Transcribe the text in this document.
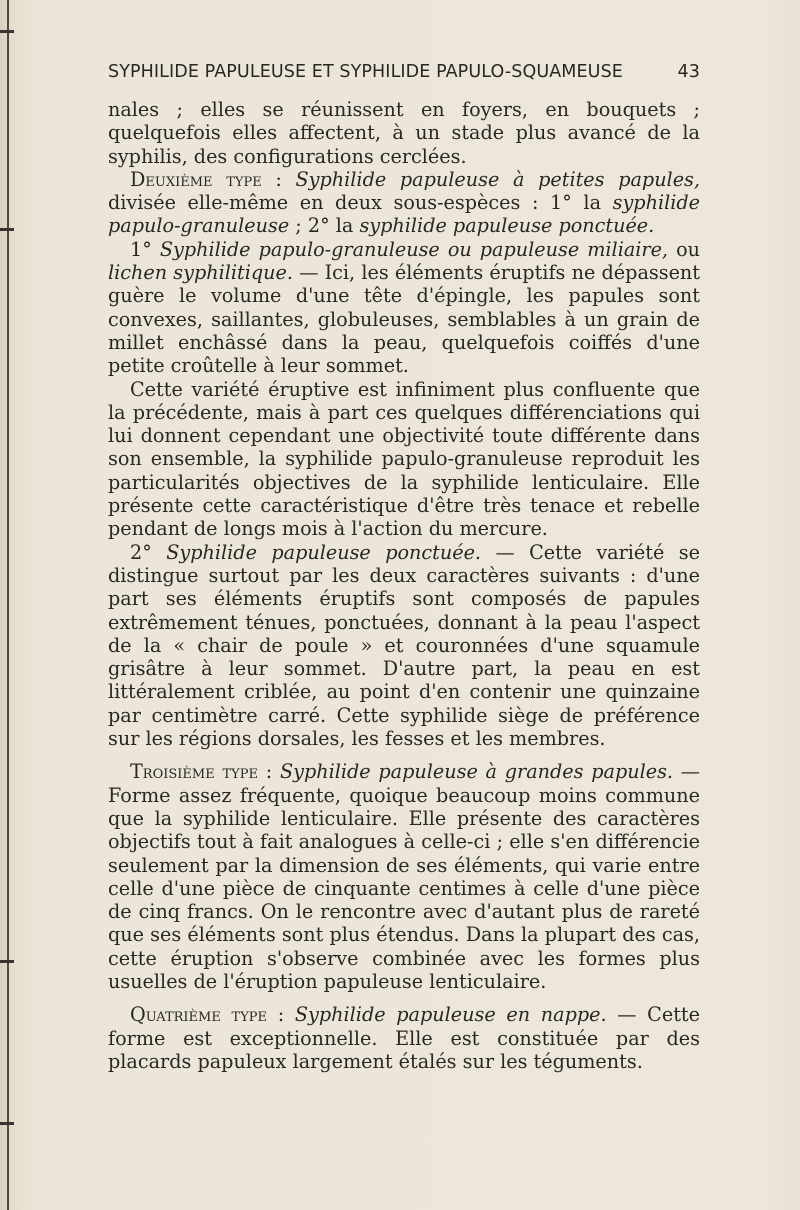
SYPHILIDE PAPULEUSE ET SYPHILIDE PAPULO-SQUAMEUSE	43

nales ; elles se réunissent en foyers, en bouquets ; quelquefois elles affectent, à un stade plus avancé de la syphilis, des configurations cerclées.

Deuxième type : Syphilide papuleuse à petites papules, divisée elle-même en deux sous-espèces : 1° la syphilide papulo-granuleuse ; 2° la syphilide papuleuse ponctuée.

1° Syphilide papulo-granuleuse ou papuleuse miliaire, ou lichen syphilitique. — Ici, les éléments éruptifs ne dépassent guère le volume d'une tête d'épingle, les papules sont convexes, saillantes, globuleuses, semblables à un grain de millet enchâssé dans la peau, quelquefois coiffés d'une petite croûtelle à leur sommet.

Cette variété éruptive est infiniment plus confluente que la précédente, mais à part ces quelques différenciations qui lui donnent cependant une objectivité toute différente dans son ensemble, la syphilide papulo-granuleuse reproduit les particularités objectives de la syphilide lenticulaire. Elle présente cette caractéristique d'être très tenace et rebelle pendant de longs mois à l'action du mercure.

2° Syphilide papuleuse ponctuée. — Cette variété se distingue surtout par les deux caractères suivants : d'une part ses éléments éruptifs sont composés de papules extrêmement ténues, ponctuées, donnant à la peau l'aspect de la « chair de poule » et couronnées d'une squamule grisâtre à leur sommet. D'autre part, la peau en est littéralement criblée, au point d'en contenir une quinzaine par centimètre carré. Cette syphilide siège de préférence sur les régions dorsales, les fesses et les membres.

Troisième type : Syphilide papuleuse à grandes papules. — Forme assez fréquente, quoique beaucoup moins commune que la syphilide lenticulaire. Elle présente des caractères objectifs tout à fait analogues à celle-ci ; elle s'en différencie seulement par la dimension de ses éléments, qui varie entre celle d'une pièce de cinquante centimes à celle d'une pièce de cinq francs. On le rencontre avec d'autant plus de rareté que ses éléments sont plus étendus. Dans la plupart des cas, cette éruption s'observe combinée avec les formes plus usuelles de l'éruption papuleuse lenticulaire.

Quatrième type : Syphilide papuleuse en nappe. — Cette forme est exceptionnelle. Elle est constituée par des placards papuleux largement étalés sur les téguments.
